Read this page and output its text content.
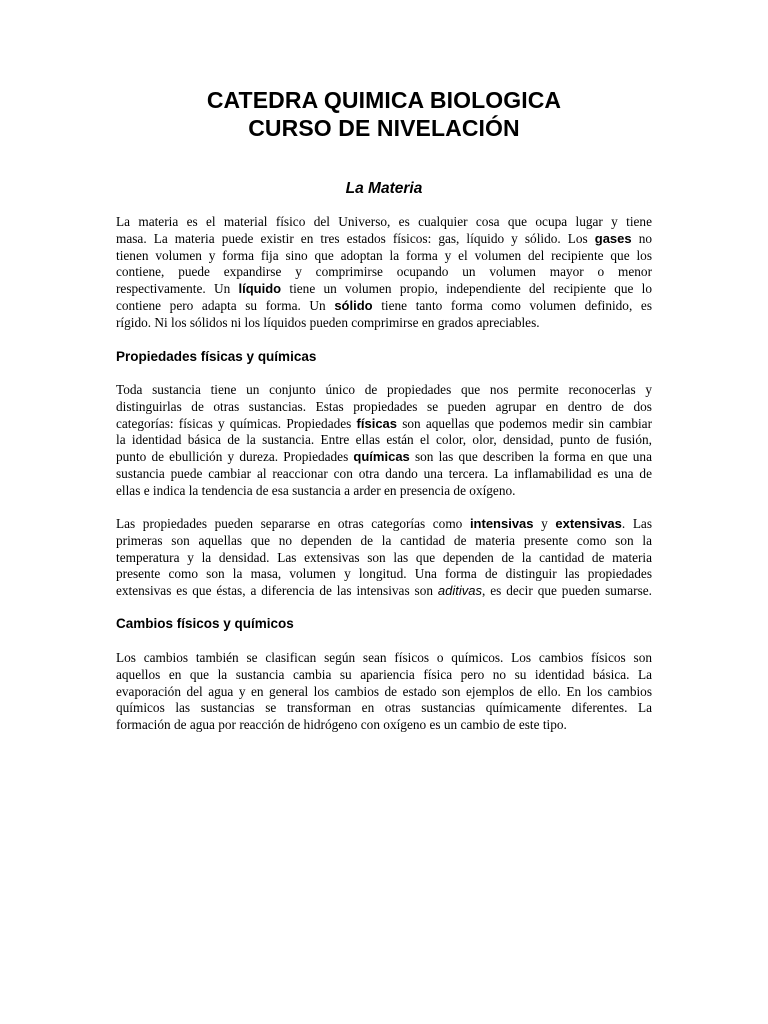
CATEDRA QUIMICA BIOLOGICA
CURSO DE NIVELACIÓN
La Materia
La materia es el material físico del Universo, es cualquier cosa que ocupa lugar y tiene
masa. La materia puede existir en tres estados físicos: gas, líquido y sólido. Los gases no
tienen volumen y forma fija sino que adoptan la forma y el volumen del recipiente que los
contiene, puede expandirse y comprimirse ocupando un volumen mayor o menor
respectivamente. Un líquido tiene un volumen propio, independiente del recipiente que lo
contiene pero adapta su forma. Un sólido tiene tanto forma como volumen definido, es
rígido. Ni los sólidos ni los líquidos pueden comprimirse en grados apreciables.
Propiedades físicas y químicas
Toda sustancia tiene un conjunto único de propiedades que nos permite reconocerlas y
distinguirlas de otras sustancias. Estas propiedades se pueden agrupar en dentro de dos
categorías: físicas y químicas. Propiedades físicas son aquellas que podemos medir sin cambiar
la identidad básica de la sustancia. Entre ellas están el color, olor, densidad, punto de fusión,
punto de ebullición y dureza. Propiedades químicas son las que describen la forma en que una
sustancia puede cambiar al reaccionar con otra dando una tercera. La inflamabilidad es una de
ellas e indica la tendencia de esa sustancia a arder en presencia de oxígeno.
Las propiedades pueden separarse en otras categorías como intensivas y extensivas. Las
primeras son aquellas que no dependen de la cantidad de materia presente como son la
temperatura y la densidad. Las extensivas son las que dependen de la cantidad de materia
presente como son la masa, volumen y longitud. Una forma de distinguir las propiedades
extensivas es que éstas, a diferencia de las intensivas son aditivas, es decir que pueden sumarse.
Cambios físicos y químicos
Los cambios también se clasifican según sean físicos o químicos. Los cambios físicos son
aquellos en que la sustancia cambia su apariencia física pero no su identidad básica. La
evaporación del agua y en general los cambios de estado son ejemplos de ello. En los cambios
químicos las sustancias se transforman en otras sustancias químicamente diferentes. La
formación de agua por reacción de hidrógeno con oxígeno es un cambio de este tipo.
